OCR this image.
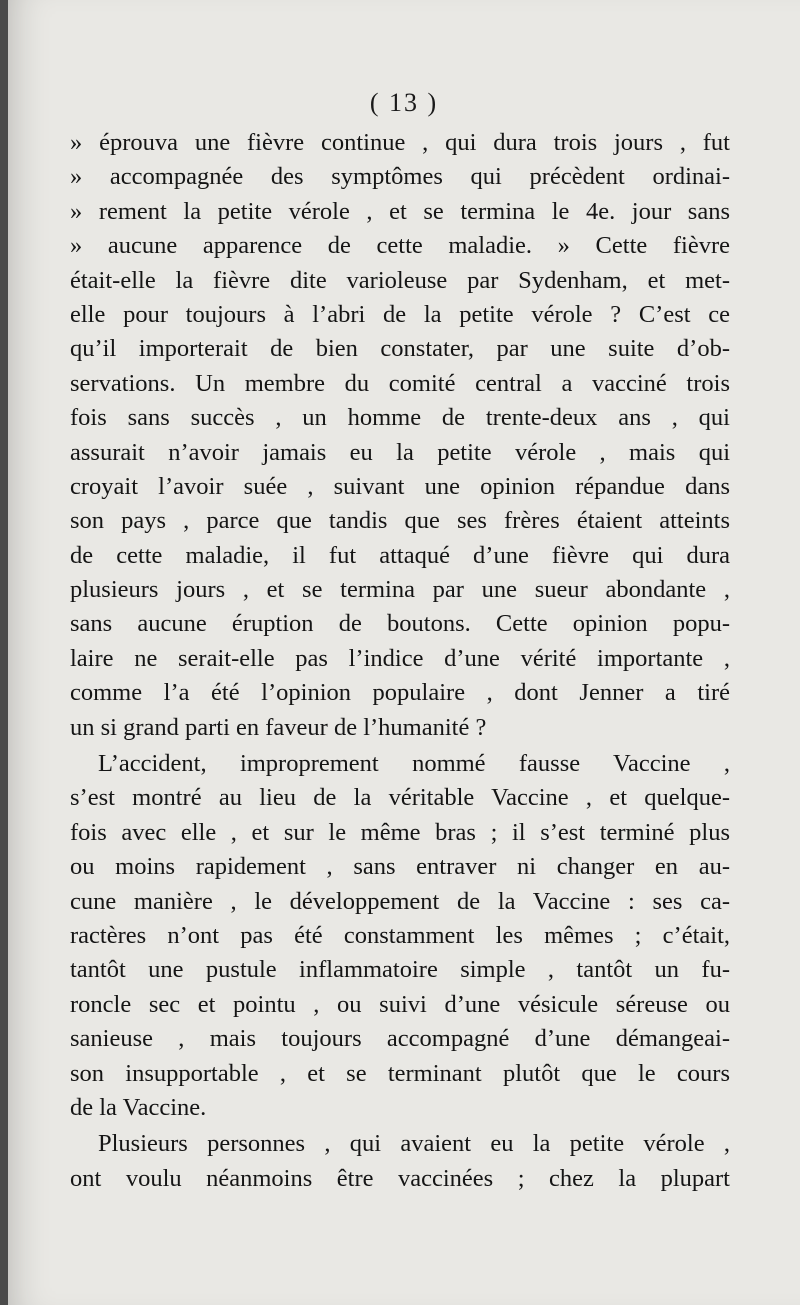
( 13 )
» éprouva une fièvre continue , qui dura trois jours , fut
» accompagnée des symptômes qui précèdent ordinai-
» rement la petite vérole , et se termina le 4e. jour sans
» aucune apparence de cette maladie. » Cette fièvre
était-elle la fièvre dite varioleuse par Sydenham, et met-
elle pour toujours à l’abri de la petite vérole ? C’est ce
qu’il importerait de bien constater, par une suite d’ob-
servations. Un membre du comité central a vacciné trois
fois sans succès , un homme de trente-deux ans , qui
assurait n’avoir jamais eu la petite vérole , mais qui
croyait l’avoir suée , suivant une opinion répandue dans
son pays , parce que tandis que ses frères étaient atteints
de cette maladie, il fut attaqué d’une fièvre qui dura
plusieurs jours , et se termina par une sueur abondante ,
sans aucune éruption de boutons. Cette opinion popu-
laire ne serait-elle pas l’indice d’une vérité importante ,
comme l’a été l’opinion populaire , dont Jenner a tiré
un si grand parti en faveur de l’humanité ?
L’accident, improprement nommé fausse Vaccine ,
s’est montré au lieu de la véritable Vaccine , et quelque-
fois avec elle , et sur le même bras ; il s’est terminé plus
ou moins rapidement , sans entraver ni changer en au-
cune manière , le développement de la Vaccine : ses ca-
ractères n’ont pas été constamment les mêmes ; c’était,
tantôt une pustule inflammatoire simple , tantôt un fu-
roncle sec et pointu , ou suivi d’une vésicule séreuse ou
sanieuse , mais toujours accompagné d’une démangeai-
son insupportable , et se terminant plutôt que le cours
de la Vaccine.
Plusieurs personnes , qui avaient eu la petite vérole ,
ont voulu néanmoins être vaccinées ; chez la plupart
